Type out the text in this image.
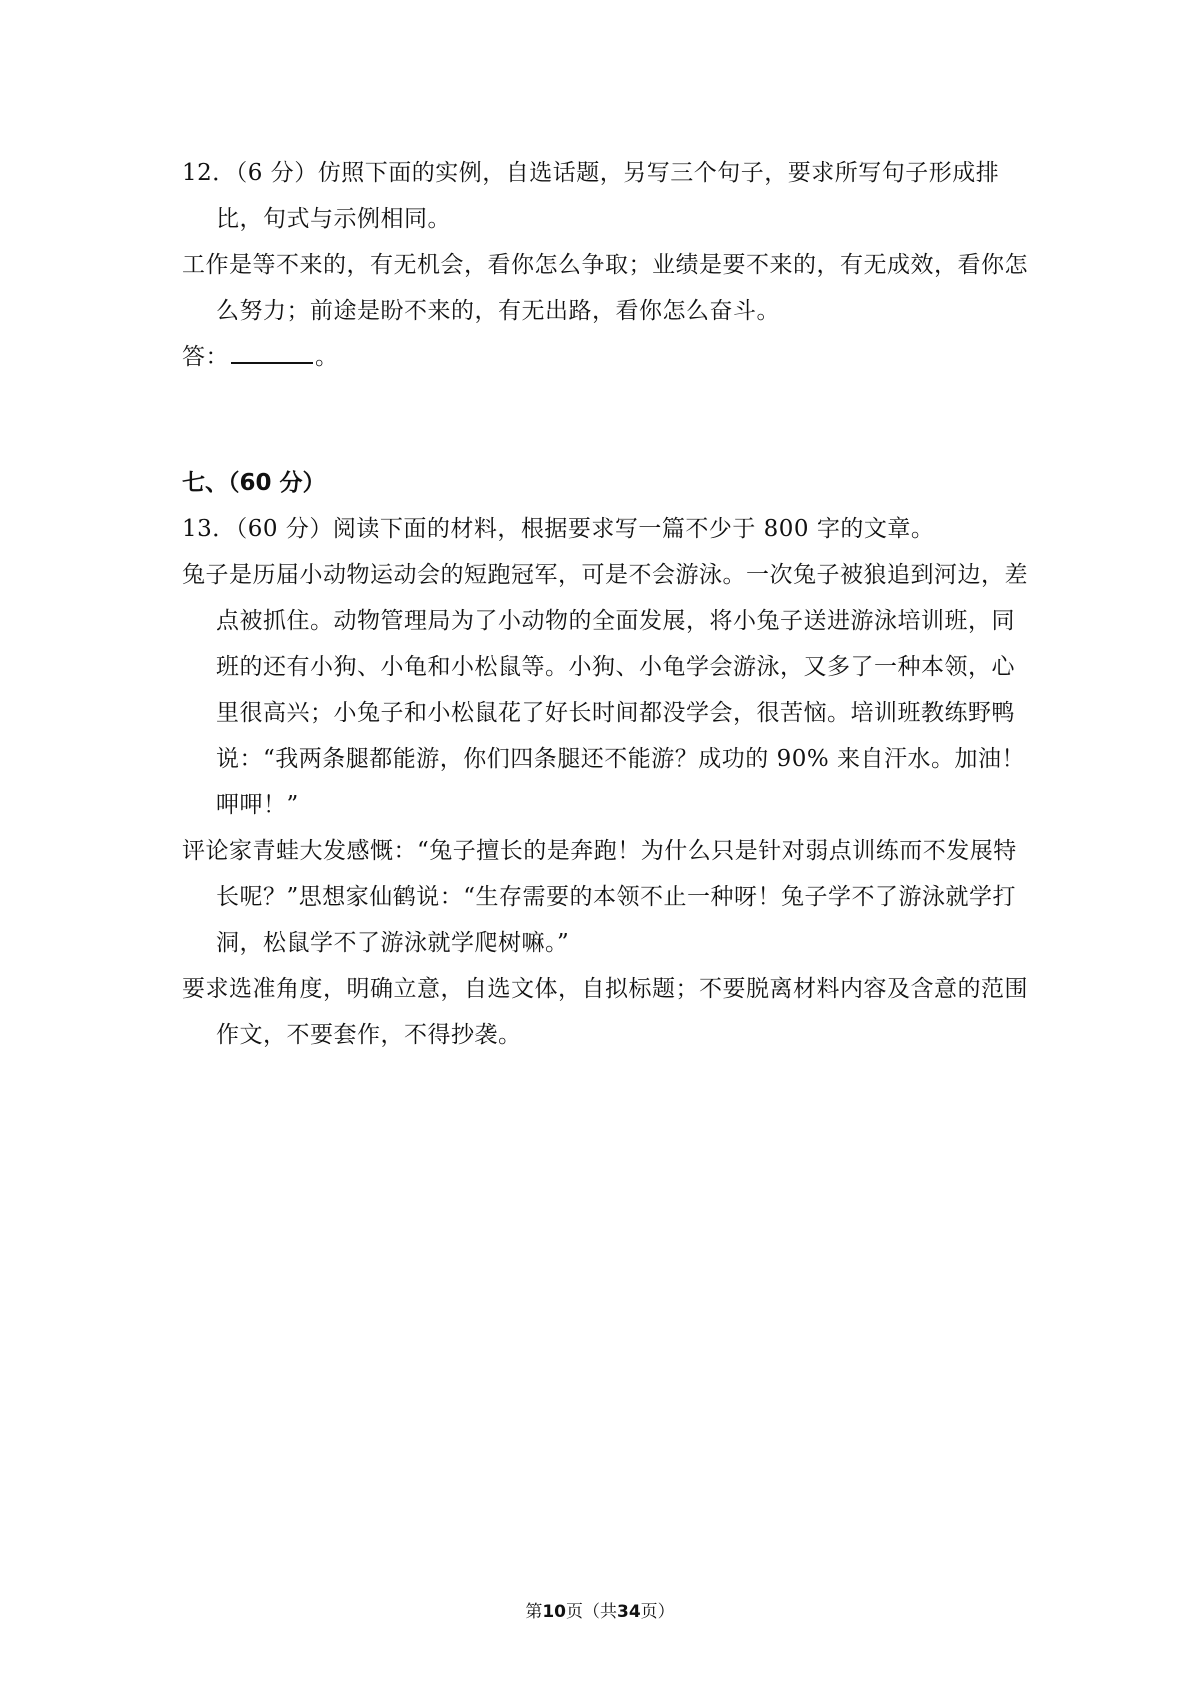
12．（6 分）仿照下面的实例，自选话题，另写三个句子，要求所写句子形成排比，句式与示例相同。

工作是等不来的，有无机会，看你怎么争取；业绩是要不来的，有无成效，看你怎么努力；前途是盼不来的，有无出路，看你怎么奋斗。

答：	。

七、（60 分）

13．（60 分）阅读下面的材料，根据要求写一篇不少于 800 字的文章。

兔子是历届小动物运动会的短跑冠军，可是不会游泳。一次兔子被狼追到河边，差点被抓住。动物管理局为了小动物的全面发展，将小兔子送进游泳培训班，同班的还有小狗、小龟和小松鼠等。小狗、小龟学会游泳，又多了一种本领，心里很高兴；小兔子和小松鼠花了好长时间都没学会，很苦恼。培训班教练野鸭说：“我两条腿都能游，你们四条腿还不能游？成功的 90% 来自汗水。加油！呷呷！”

评论家青蛙大发感慨：“兔子擅长的是奔跑！为什么只是针对弱点训练而不发展特长呢？”思想家仙鹤说：“生存需要的本领不止一种呀！兔子学不了游泳就学打洞，松鼠学不了游泳就学爬树嘛。”

要求选准角度，明确立意，自选文体，自拟标题；不要脱离材料内容及含意的范围作文，不要套作，不得抄袭。

第10页（共34页）
